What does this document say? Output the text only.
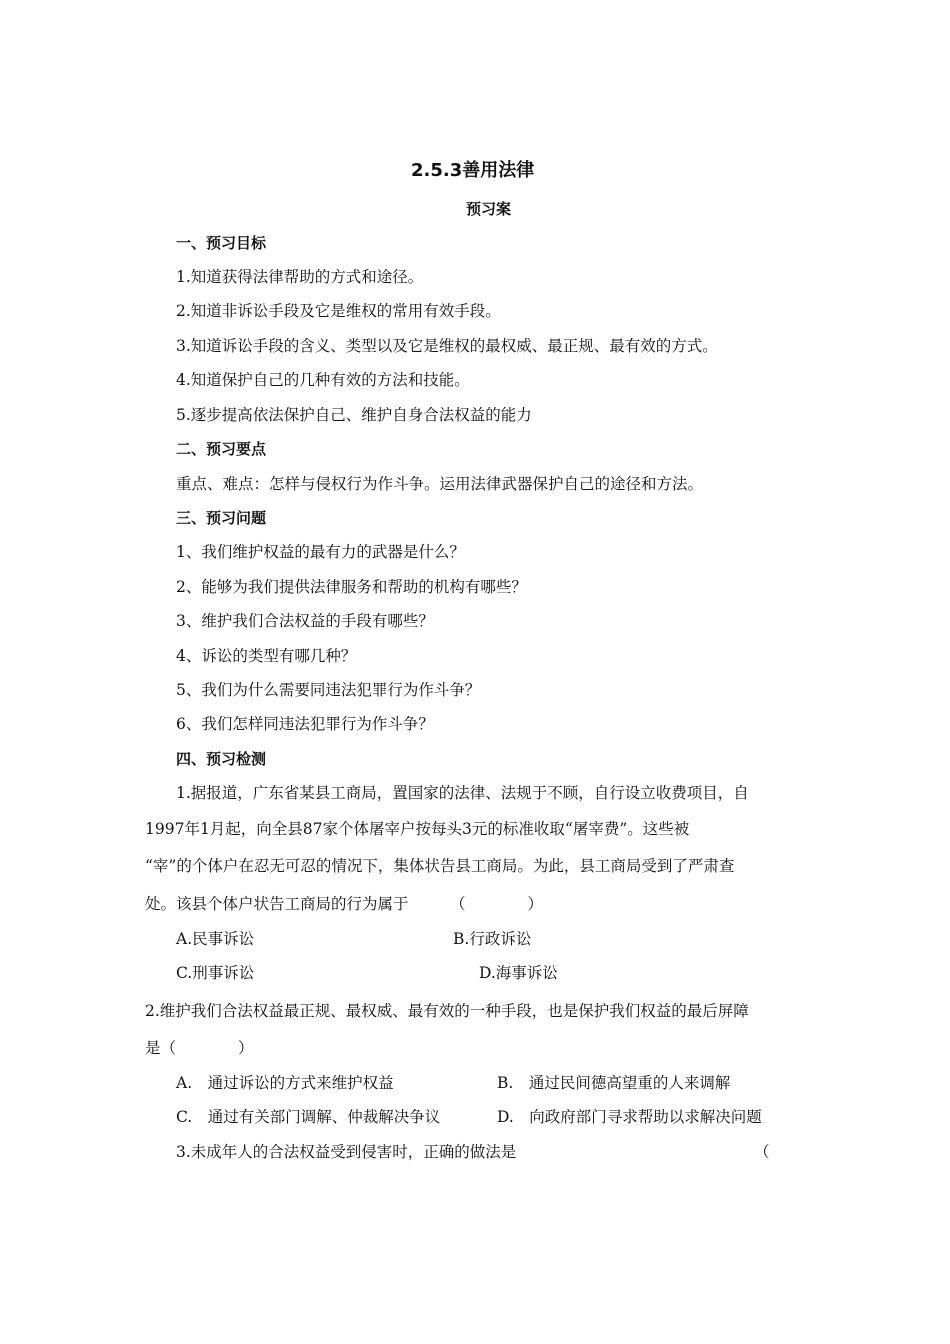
2.5.3善用法律
预习案
一、预习目标
1.知道获得法律帮助的方式和途径。
2.知道非诉讼手段及它是维权的常用有效手段。
3.知道诉讼手段的含义、类型以及它是维权的最权威、最正规、最有效的方式。
4.知道保护自己的几种有效的方法和技能。
5.逐步提高依法保护自己、维护自身合法权益的能力
二、预习要点
重点、难点：怎样与侵权行为作斗争。运用法律武器保护自己的途径和方法。
三、预习问题
1、我们维护权益的最有力的武器是什么？
2、能够为我们提供法律服务和帮助的机构有哪些？
3、维护我们合法权益的手段有哪些？
4、诉讼的类型有哪几种？
5、我们为什么需要同违法犯罪行为作斗争？
6、我们怎样同违法犯罪行为作斗争？
四、预习检测
1.据报道，广东省某县工商局，置国家的法律、法规于不顾，自行设立收费项目，自
1997年1月起，向全县87家个体屠宰户按每头3元的标准收取“屠宰费”。这些被
“宰”的个体户在忍无可忍的情况下，集体状告县工商局。为此，县工商局受到了严肃查
处。该县个体户状告工商局的行为属于	（　　　　）
A.民事诉讼	B.行政诉讼
C.刑事诉讼	D.海事诉讼
2.维护我们合法权益最正规、最权威、最有效的一种手段，也是保护我们权益的最后屏障
是（　　　　）
A.　通过诉讼的方式来维护权益	B.　通过民间德高望重的人来调解
C.　通过有关部门调解、仲裁解决争议	D.　向政府部门寻求帮助以求解决问题
3.未成年人的合法权益受到侵害时，正确的做法是	（
